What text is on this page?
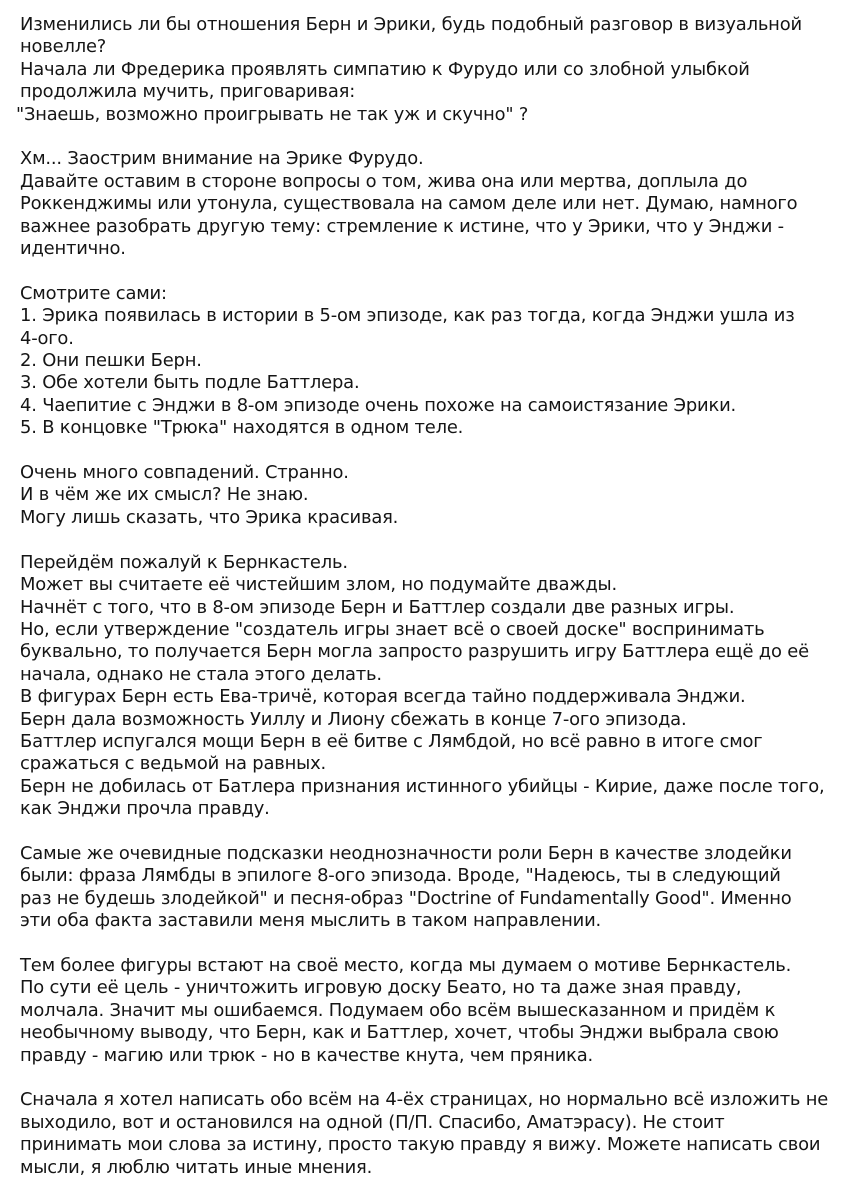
Изменились ли бы отношения Берн и Эрики, будь подобный разговор в визуальной
новелле?
Начала ли Фредерика проявлять симпатию к Фурудо или со злобной улыбкой
продолжила мучить, приговаривая:
"Знаешь, возможно проигрывать не так уж и скучно" ?
Хм... Заострим внимание на Эрике Фурудо.
Давайте оставим в стороне вопросы о том, жива она или мертва, доплыла до
Роккенджимы или утонула, существовала на самом деле или нет. Думаю, намного
важнее разобрать другую тему: стремление к истине, что у Эрики, что у Энджи -
идентично.
Смотрите сами:
1. Эрика появилась в истории в 5-ом эпизоде, как раз тогда, когда Энджи ушла из
4-ого.
2. Они пешки Берн.
3. Обе хотели быть подле Баттлера.
4. Чаепитие с Энджи в 8-ом эпизоде очень похоже на самоистязание Эрики.
5. В концовке "Трюка" находятся в одном теле.
Очень много совпадений. Странно.
И в чём же их смысл? Не знаю.
Могу лишь сказать, что Эрика красивая.
Перейдём пожалуй к Бернкастель.
Может вы считаете её чистейшим злом, но подумайте дважды.
Начнёт с того, что в 8-ом эпизоде Берн и Баттлер создали две разных игры.
Но, если утверждение "создатель игры знает всё о своей доске" воспринимать
буквально, то получается Берн могла запросто разрушить игру Баттлера ещё до её
начала, однако не стала этого делать.
В фигурах Берн есть Ева-тричë, которая всегда тайно поддерживала Энджи.
Берн дала возможность Уиллу и Лиону сбежать в конце 7-ого эпизода.
Баттлер испугался мощи Берн в её битве с Лямбдой, но всё равно в итоге смог
сражаться с ведьмой на равных.
Берн не добилась от Батлера признания истинного убийцы - Кирие, даже после того,
как Энджи прочла правду.
Самые же очевидные подсказки неоднозначности роли Берн в качестве злодейки
были: фраза Лямбды в эпилоге 8-ого эпизода. Вроде, "Надеюсь, ты в следующий
раз не будешь злодейкой" и песня-образ "Doctrine of Fundamentally Good". Именно
эти оба факта заставили меня мыслить в таком направлении.
Тем более фигуры встают на своё место, когда мы думаем о мотиве Бернкастель.
По сути её цель - уничтожить игровую доску Беато, но та даже зная правду,
молчала. Значит мы ошибаемся. Подумаем обо всём вышесказанном и придём к
необычному выводу, что Берн, как и Баттлер, хочет, чтобы Энджи выбрала свою
правду - магию или трюк - но в качестве кнута, чем пряника.
Сначала я хотел написать обо всём на 4-ёх страницах, но нормально всё изложить не
выходило, вот и остановился на одной (П/П. Спасибо, Аматэрасу). Не стоит
принимать мои слова за истину, просто такую правду я вижу. Можете написать свои
мысли, я люблю читать иные мнения.
